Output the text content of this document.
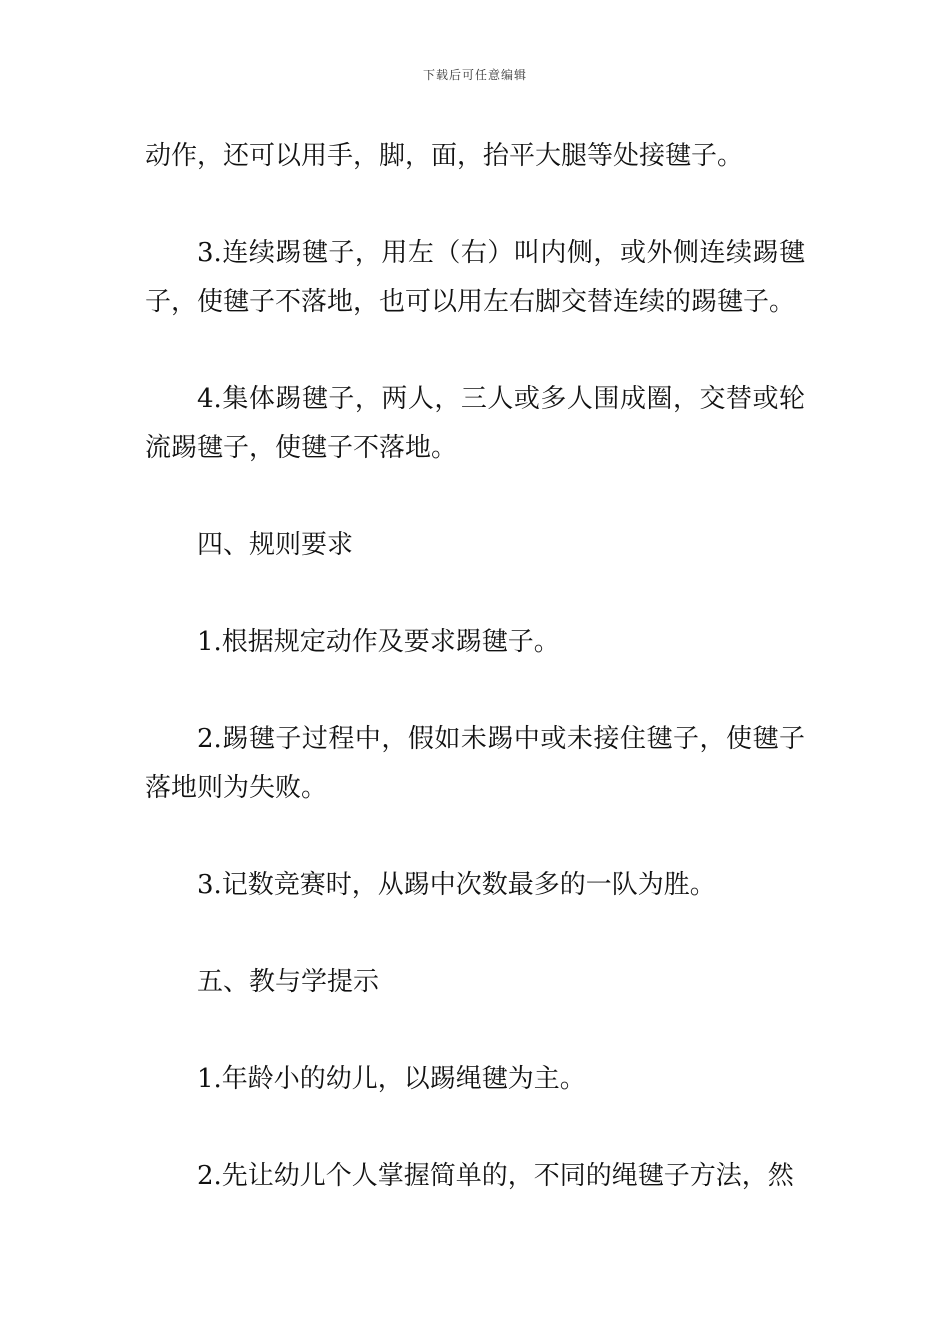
下载后可任意编辑

动作，还可以用手，脚，面，抬平大腿等处接毽子。

3.连续踢毽子，用左（右）叫内侧，或外侧连续踢毽子，使毽子不落地，也可以用左右脚交替连续的踢毽子。

4.集体踢毽子，两人，三人或多人围成圈，交替或轮流踢毽子，使毽子不落地。

四、规则要求

1.根据规定动作及要求踢毽子。

2.踢毽子过程中，假如未踢中或未接住毽子，使毽子落地则为失败。

3.记数竞赛时，从踢中次数最多的一队为胜。

五、教与学提示

1.年龄小的幼儿，以踢绳毽为主。

2.先让幼儿个人掌握简单的，不同的绳毽子方法，然
